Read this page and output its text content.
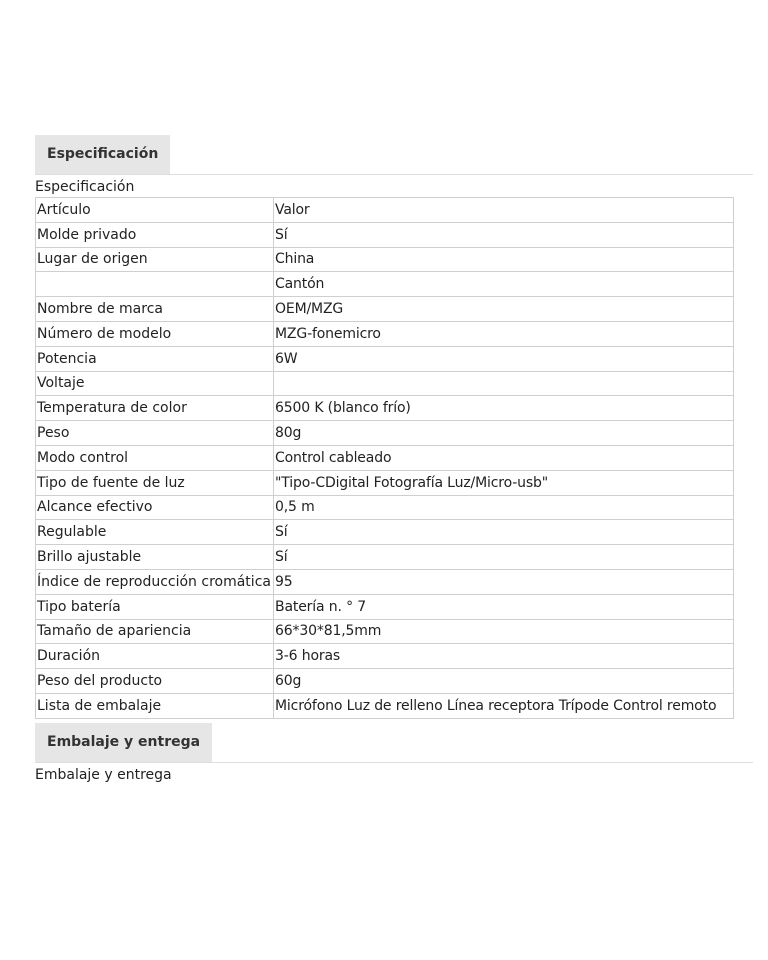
Especificación
Especificación
Artículo	Valor
Molde privado	Sí
Lugar de origen	China
	Cantón
Nombre de marca	OEM/MZG
Número de modelo	MZG-fonemicro
Potencia	6W
Voltaje	
Temperatura de color	6500 K (blanco frío)
Peso	80g
Modo control	Control cableado
Tipo de fuente de luz	"Tipo-CDigital Fotografía Luz/Micro-usb"
Alcance efectivo	0,5 m
Regulable	Sí
Brillo ajustable	Sí
Índice de reproducción cromática	95
Tipo batería	Batería n. ° 7
Tamaño de apariencia	66*30*81,5mm
Duración	3-6 horas
Peso del producto	60g
Lista de embalaje	Micrófono Luz de relleno Línea receptora Trípode Control remoto
Embalaje y entrega
Embalaje y entrega
